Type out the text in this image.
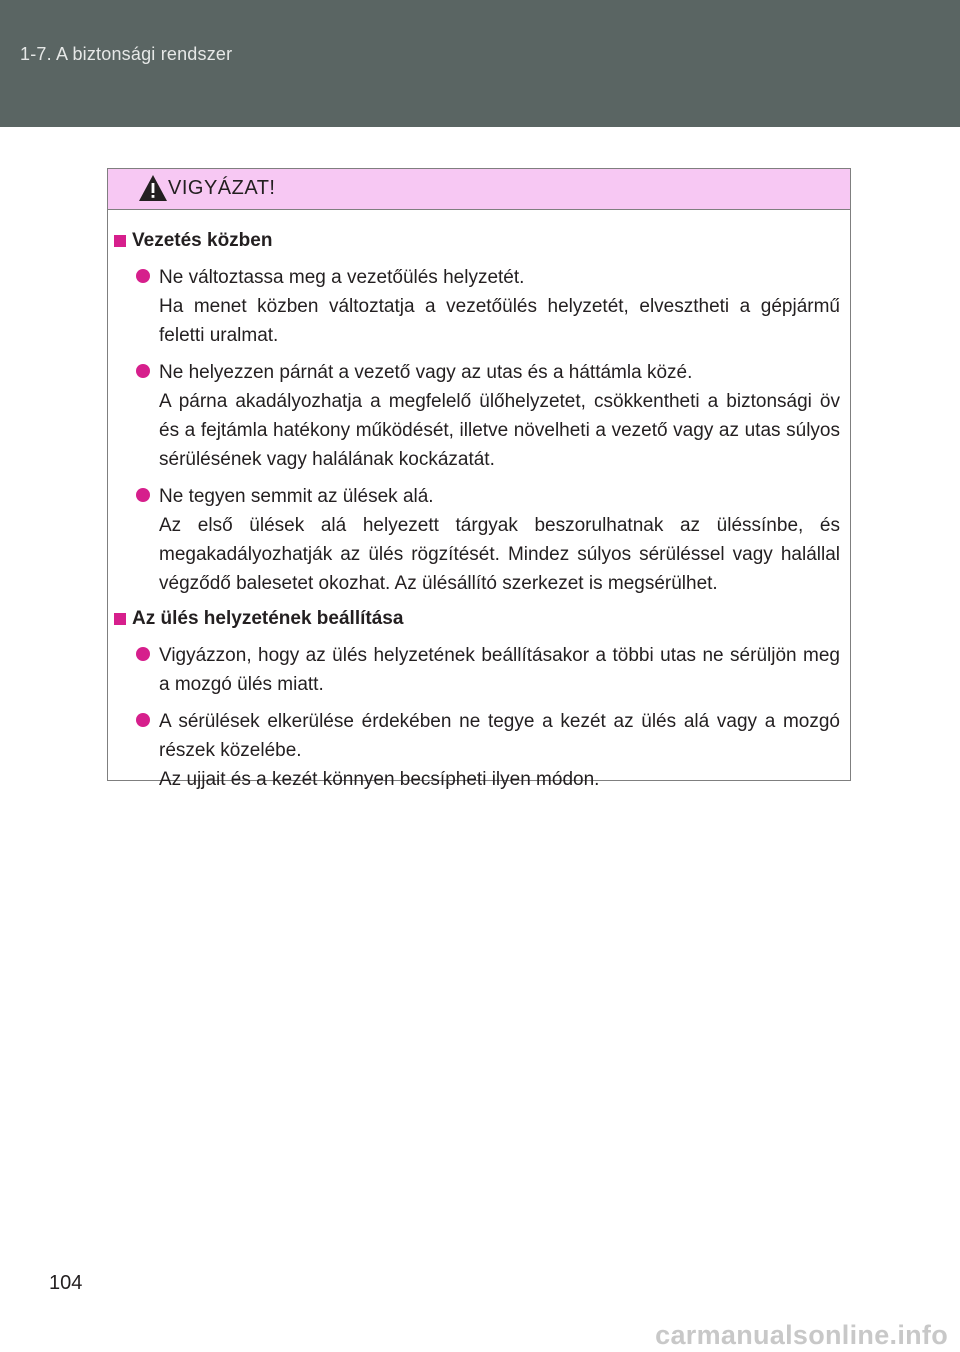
1-7. A biztonsági rendszer
VIGYÁZAT!
Vezetés közben

Ne változtassa meg a vezetőülés helyzetét.

Ha menet közben változtatja a vezetőülés helyzetét, elvesztheti a gépjármű feletti uralmat.

Ne helyezzen párnát a vezető vagy az utas és a háttámla közé.

A párna akadályozhatja a megfelelő ülőhelyzetet, csökkentheti a biztonsági öv és a fejtámla hatékony működését, illetve növelheti a vezető vagy az utas súlyos sérülésének vagy halálának kockázatát.

Ne tegyen semmit az ülések alá.

Az első ülések alá helyezett tárgyak beszorulhatnak az üléssínbe, és megakadályozhatják az ülés rögzítését. Mindez súlyos sérüléssel vagy halállal végződő balesetet okozhat. Az ülésállító szerkezet is megsérülhet.

Az ülés helyzetének beállítása

Vigyázzon, hogy az ülés helyzetének beállításakor a többi utas ne sérüljön meg a mozgó ülés miatt.

A sérülések elkerülése érdekében ne tegye a kezét az ülés alá vagy a mozgó részek közelébe.

Az ujjait és a kezét könnyen becsípheti ilyen módon.

104
carmanualsonline.info
